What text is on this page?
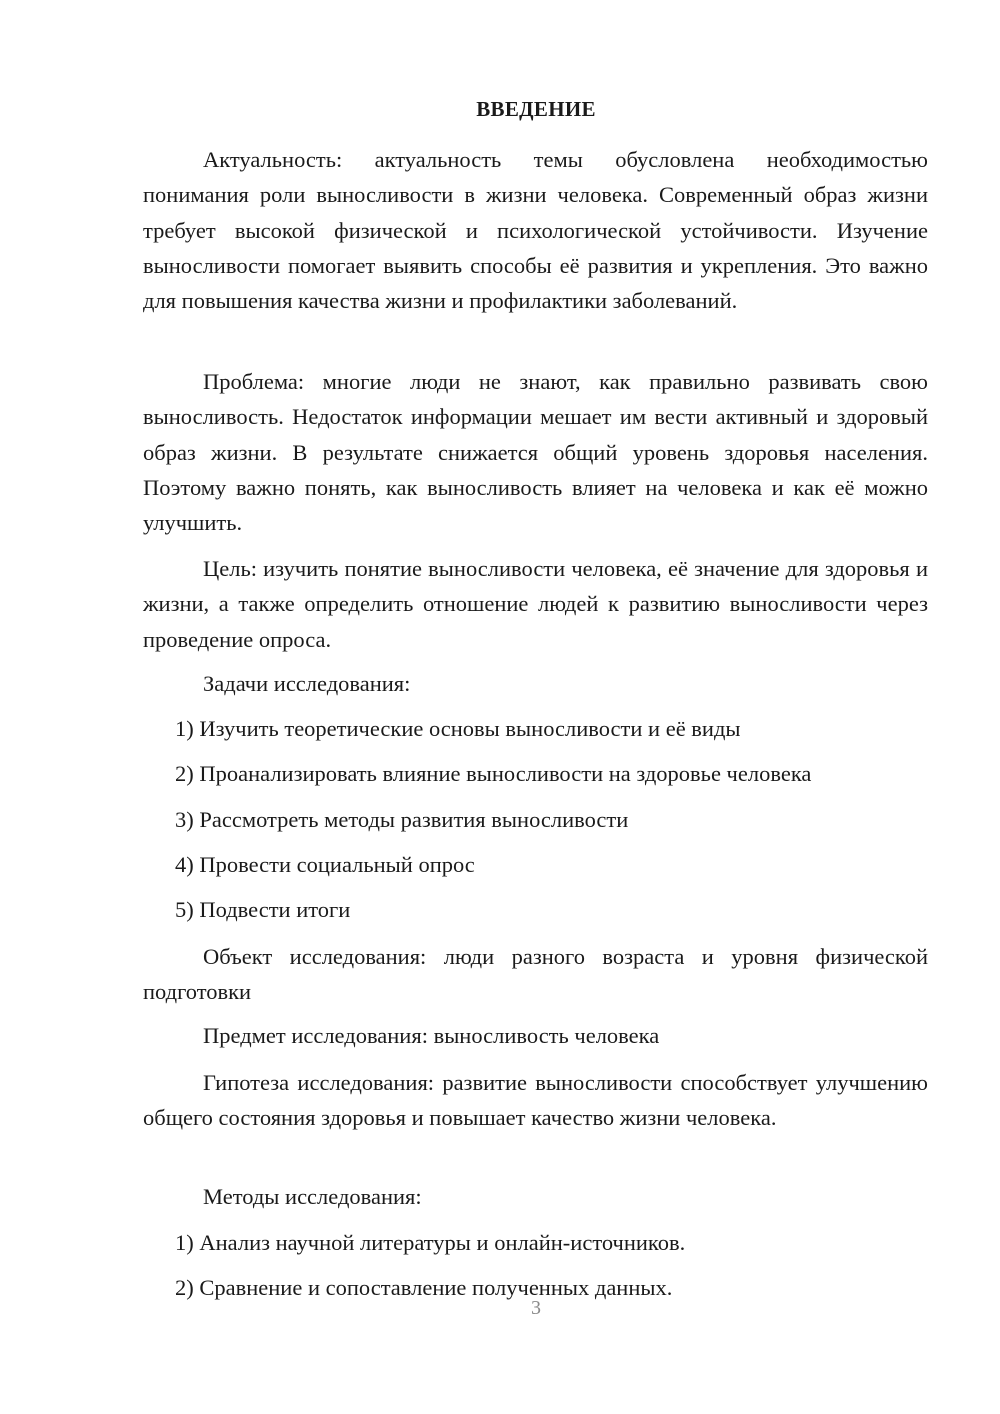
ВВЕДЕНИЕ

Актуальность: актуальность темы обусловлена необходимостью понимания роли выносливости в жизни человека. Современный образ жизни требует высокой физической и психологической устойчивости. Изучение выносливости помогает выявить способы её развития и укрепления. Это важно для повышения качества жизни и профилактики заболеваний.

Проблема: многие люди не знают, как правильно развивать свою выносливость. Недостаток информации мешает им вести активный и здоровый образ жизни. В результате снижается общий уровень здоровья населения. Поэтому важно понять, как выносливость влияет на человека и как её можно улучшить.

Цель: изучить понятие выносливости человека, её значение для здоровья и жизни, а также определить отношение людей к развитию выносливости через проведение опроса.

Задачи исследования:
1) Изучить теоретические основы выносливости и её виды
2) Проанализировать влияние выносливости на здоровье человека
3) Рассмотреть методы развития выносливости
4) Провести социальный опрос
5) Подвести итоги

Объект исследования: люди разного возраста и уровня физической подготовки

Предмет исследования: выносливость человека

Гипотеза исследования: развитие выносливости способствует улучшению общего состояния здоровья и повышает качество жизни человека.

Методы исследования:
1) Анализ научной литературы и онлайн-источников.
2) Сравнение и сопоставление полученных данных.
3
